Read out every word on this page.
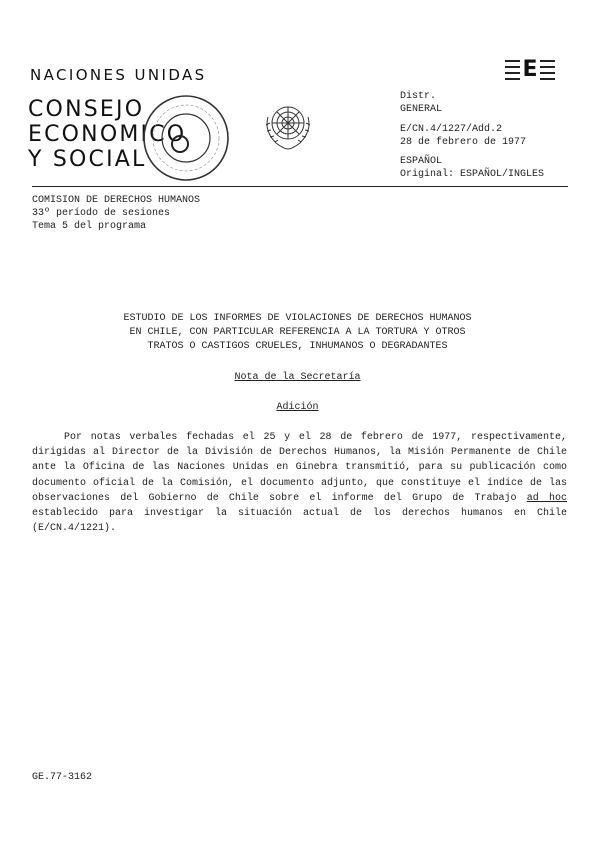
NACIONES UNIDAS
CONSEJO
ECONOMICO
Y SOCIAL
E
Distr.
GENERAL
E/CN.4/1227/Add.2
28 de febrero de 1977
ESPAÑOL
Original: ESPAÑOL/INGLES
COMISION DE DERECHOS HUMANOS
33º período de sesiones
Tema 5 del programa
ESTUDIO DE LOS INFORMES DE VIOLACIONES DE DERECHOS HUMANOS
EN CHILE, CON PARTICULAR REFERENCIA A LA TORTURA Y OTROS
TRATOS O CASTIGOS CRUELES, INHUMANOS O DEGRADANTES
Nota de la Secretaría
Adición

Por notas verbales fechadas el 25 y el 28 de febrero de 1977, respectivamente, dirigidas al Director de la División de Derechos Humanos, la Misión Permanente de Chile ante la Oficina de las Naciones Unidas en Ginebra transmitió, para su publicación como documento oficial de la Comisión, el documento adjunto, que constituye el índice de las observaciones del Gobierno de Chile sobre el informe del Grupo de Trabajo ad hoc establecido para investigar la situación actual de los derechos humanos en Chile (E/CN.4/1221).

GE.77-3162
